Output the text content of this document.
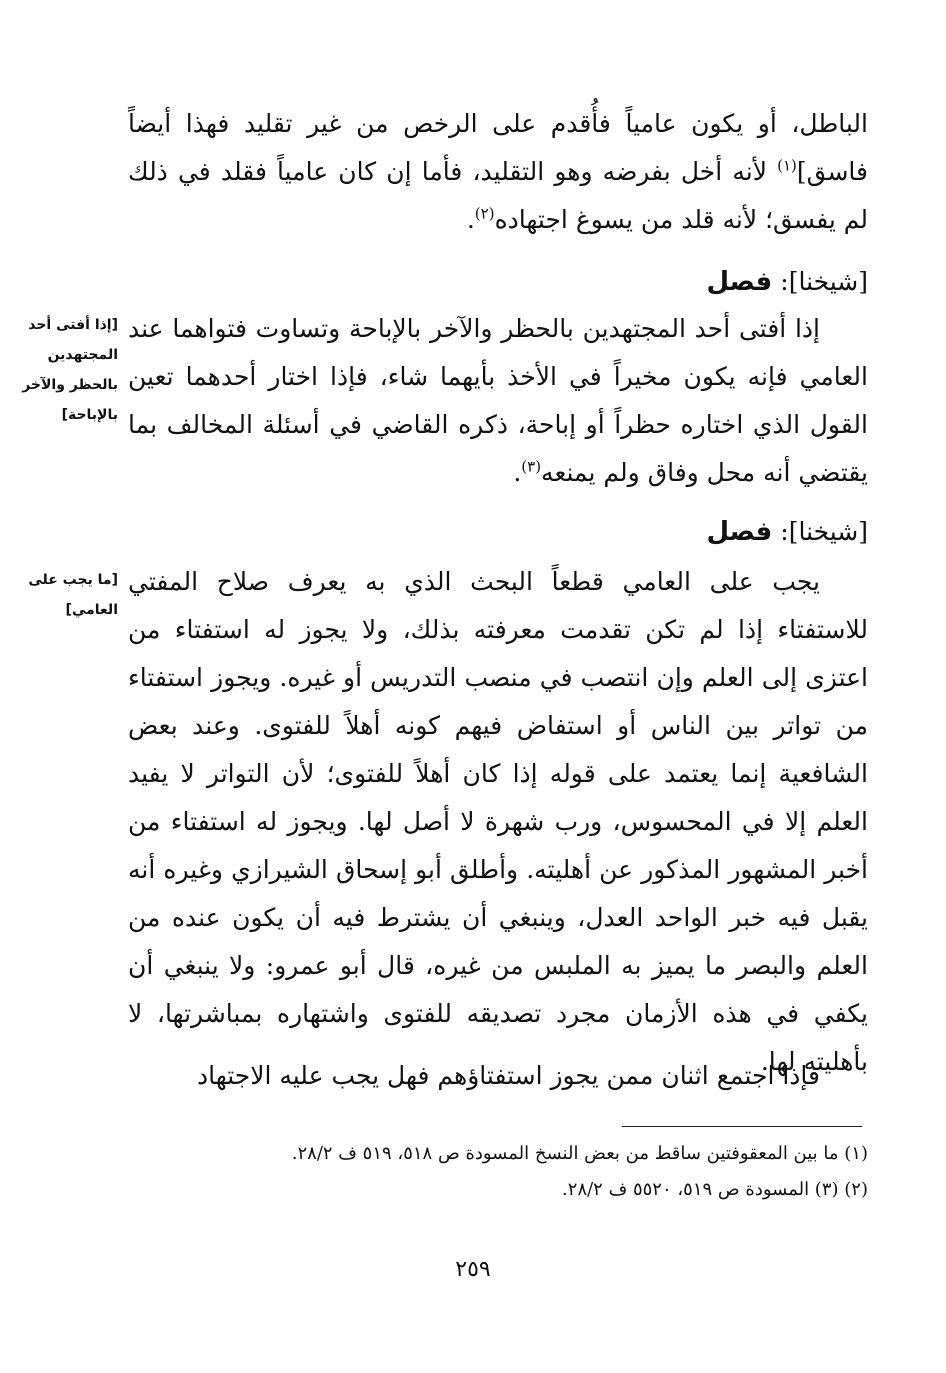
الباطل، أو يكون عامياً فأُقدم على الرخص من غير تقليد فهذا أيضاً فاسق]$^{(١)}$ لأنه أخل بفرضه وهو التقليد، فأما إن كان عامياً فقلد في ذلك لم يفسق؛ لأنه قلد من يسوغ اجتهاده$^{(٢)}$.

[شيخنا]: فصل
[إذا أفتى أحد المجتهدين بالحظر والآخر بالإباحة]

إذا أفتى أحد المجتهدين بالحظر والآخر بالإباحة وتساوت فتواهما عند العامي فإنه يكون مخيراً في الأخذ بأيهما شاء، فإذا اختار أحدهما تعين القول الذي اختاره حظراً أو إباحة، ذكره القاضي في أسئلة المخالف بما يقتضي أنه محل وفاق ولم يمنعه$^{(٣)}$.

[شيخنا]: فصل
[ما يجب على العامي]

يجب على العامي قطعاً البحث الذي به يعرف صلاح المفتي للاستفتاء إذا لم تكن تقدمت معرفته بذلك، ولا يجوز له استفتاء من اعتزى إلى العلم وإن انتصب في منصب التدريس أو غيره. ويجوز استفتاء من تواتر بين الناس أو استفاض فيهم كونه أهلاً للفتوى. وعند بعض الشافعية إنما يعتمد على قوله إذا كان أهلاً للفتوى؛ لأن التواتر لا يفيد العلم إلا في المحسوس، ورب شهرة لا أصل لها. ويجوز له استفتاء من أخبر المشهور المذكور عن أهليته. وأطلق أبو إسحاق الشيرازي وغيره أنه يقبل فيه خبر الواحد العدل، وينبغي أن يشترط فيه أن يكون عنده من العلم والبصر ما يميز به الملبس من غيره، قال أبو عمرو: ولا ينبغي أن يكفي في هذه الأزمان مجرد تصديقه للفتوى واشتهاره بمباشرتها، لا بأهليته لها.

فإذا اجتمع اثنان ممن يجوز استفتاؤهم فهل يجب عليه الاجتهاد

(١) ما بين المعقوفتين ساقط من بعض النسخ المسودة ص ٥١٨، ٥١٩ ف ٢٨/٢.
(٢) (٣) المسودة ص ٥١٩، ٥٥٢٠ ف ٢٨/٢.
٢٥٩
